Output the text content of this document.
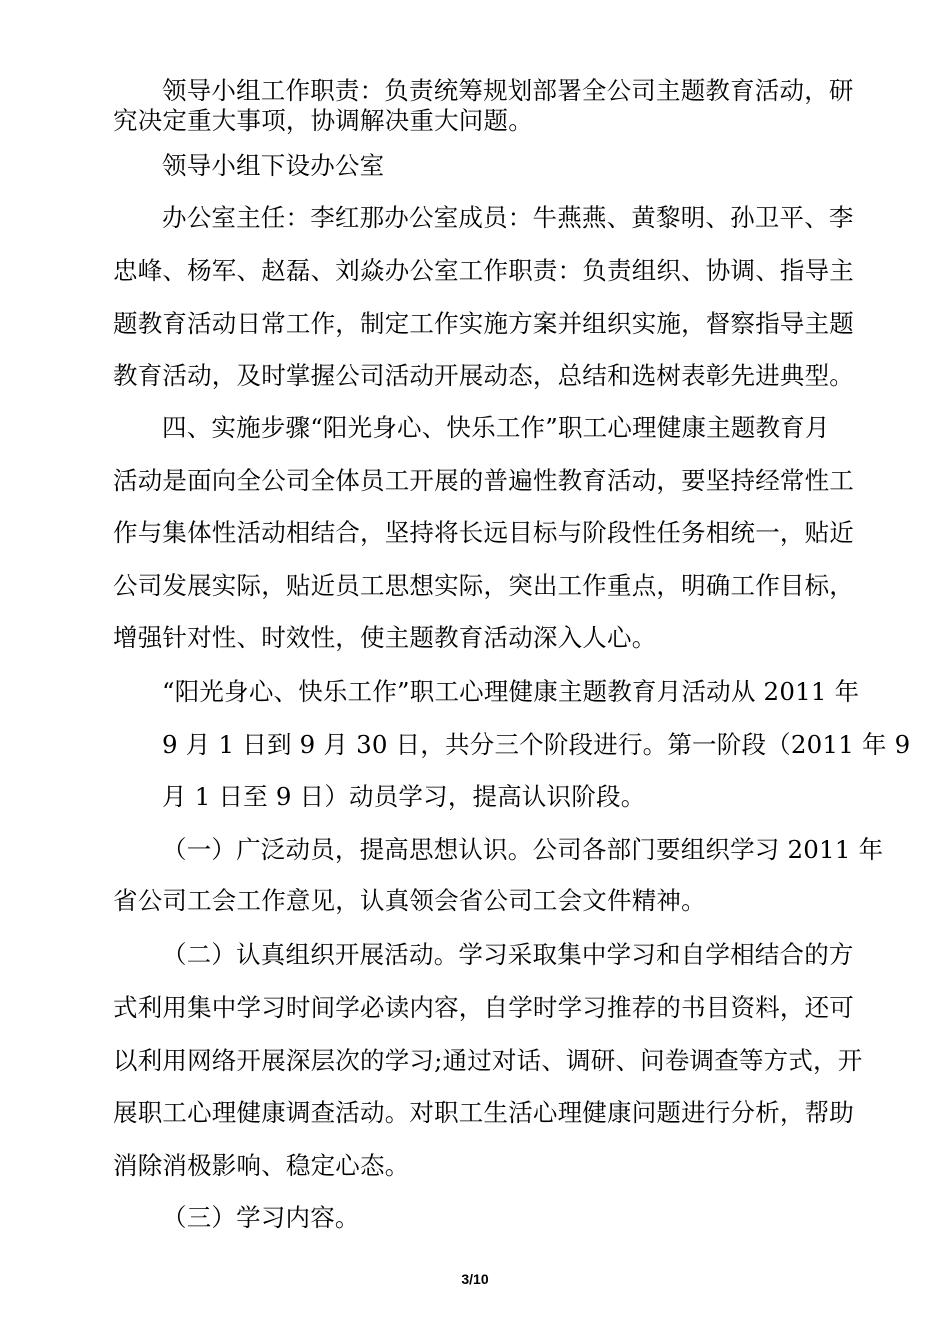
领导小组工作职责：负责统筹规划部署全公司主题教育活动，研
究决定重大事项，协调解决重大问题。
领导小组下设办公室
办公室主任：李红那办公室成员：牛燕燕、黄黎明、孙卫平、李
忠峰、杨军、赵磊、刘焱办公室工作职责：负责组织、协调、指导主
题教育活动日常工作，制定工作实施方案并组织实施，督察指导主题
教育活动，及时掌握公司活动开展动态，总结和选树表彰先进典型。
四、实施步骤“阳光身心、快乐工作”职工心理健康主题教育月
活动是面向全公司全体员工开展的普遍性教育活动，要坚持经常性工
作与集体性活动相结合，坚持将长远目标与阶段性任务相统一，贴近
公司发展实际，贴近员工思想实际，突出工作重点，明确工作目标，
增强针对性、时效性，使主题教育活动深入人心。
“阳光身心、快乐工作”职工心理健康主题教育月活动从 2011 年
9 月 1 日到 9 月 30 日，共分三个阶段进行。第一阶段（2011 年 9
月 1 日至 9 日）动员学习，提高认识阶段。
（一）广泛动员，提高思想认识。公司各部门要组织学习 2011 年
省公司工会工作意见，认真领会省公司工会文件精神。
（二）认真组织开展活动。学习采取集中学习和自学相结合的方
式利用集中学习时间学必读内容，自学时学习推荐的书目资料，还可
以利用网络开展深层次的学习;通过对话、调研、问卷调查等方式，开
展职工心理健康调查活动。对职工生活心理健康问题进行分析，帮助
消除消极影响、稳定心态。
（三）学习内容。
3/10
